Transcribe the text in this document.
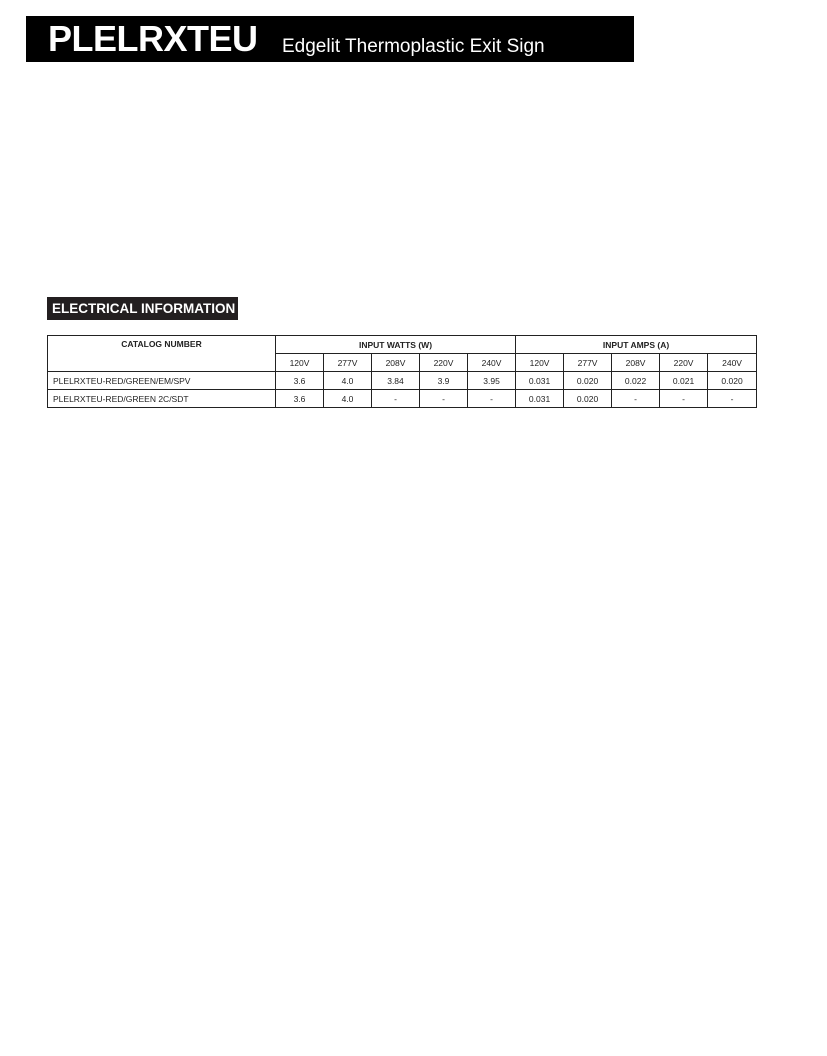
PLELRXTEU Edgelit Thermoplastic Exit Sign
ELECTRICAL INFORMATION
CATALOG NUMBER	INPUT WATTS (W)					INPUT AMPS (A)				
	120V	277V	208V	220V	240V	120V	277V	208V	220V	240V
PLELRXTEU-RED/GREEN/EM/SPV	3.6	4.0	3.84	3.9	3.95	0.031	0.020	0.022	0.021	0.020
PLELRXTEU-RED/GREEN 2C/SDT	3.6	4.0	-	-	-	0.031	0.020	-	-	-
